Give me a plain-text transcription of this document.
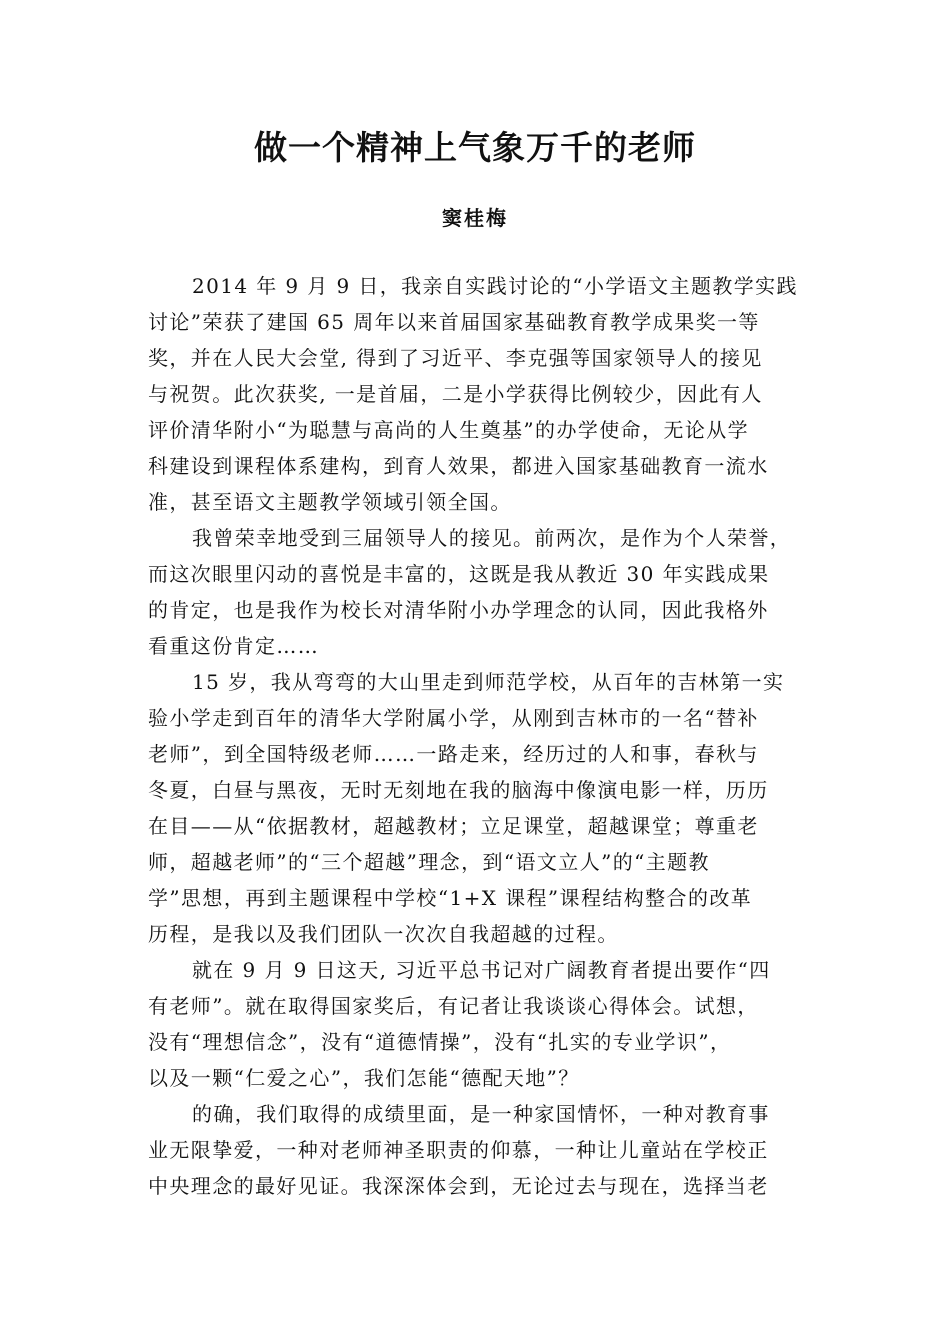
做一个精神上气象万千的老师
窦桂梅
2014 年 9 月 9 日，我亲自实践讨论的“小学语文主题教学实践
讨论”荣获了建国 65 周年以来首届国家基础教育教学成果奖一等
奖，并在人民大会堂, 得到了习近平、李克强等国家领导人的接见
与祝贺。此次获奖, 一是首届，二是小学获得比例较少，因此有人
评价清华附小“为聪慧与高尚的人生奠基”的办学使命，无论从学
科建设到课程体系建构，到育人效果，都进入国家基础教育一流水
准，甚至语文主题教学领域引领全国。
我曾荣幸地受到三届领导人的接见。前两次，是作为个人荣誉，
而这次眼里闪动的喜悦是丰富的，这既是我从教近 30 年实践成果
的肯定，也是我作为校长对清华附小办学理念的认同，因此我格外
看重这份肯定……
15 岁，我从弯弯的大山里走到师范学校，从百年的吉林第一实
验小学走到百年的清华大学附属小学，从刚到吉林市的一名“替补
老师”，到全国特级老师……一路走来，经历过的人和事，春秋与
冬夏，白昼与黑夜，无时无刻地在我的脑海中像演电影一样，历历
在目——从“依据教材，超越教材；立足课堂，超越课堂；尊重老
师，超越老师”的“三个超越”理念，到“语文立人”的“主题教
学”思想，再到主题课程中学校“1+X 课程”课程结构整合的改革
历程，是我以及我们团队一次次自我超越的过程。
就在 9 月 9 日这天, 习近平总书记对广阔教育者提出要作“四
有老师”。就在取得国家奖后，有记者让我谈谈心得体会。试想，
没有“理想信念”，没有“道德情操”，没有“扎实的专业学识”，
以及一颗“仁爱之心”，我们怎能“德配天地”？
的确，我们取得的成绩里面，是一种家国情怀，一种对教育事
业无限挚爱，一种对老师神圣职责的仰慕，一种让儿童站在学校正
中央理念的最好见证。我深深体会到，无论过去与现在，选择当老
